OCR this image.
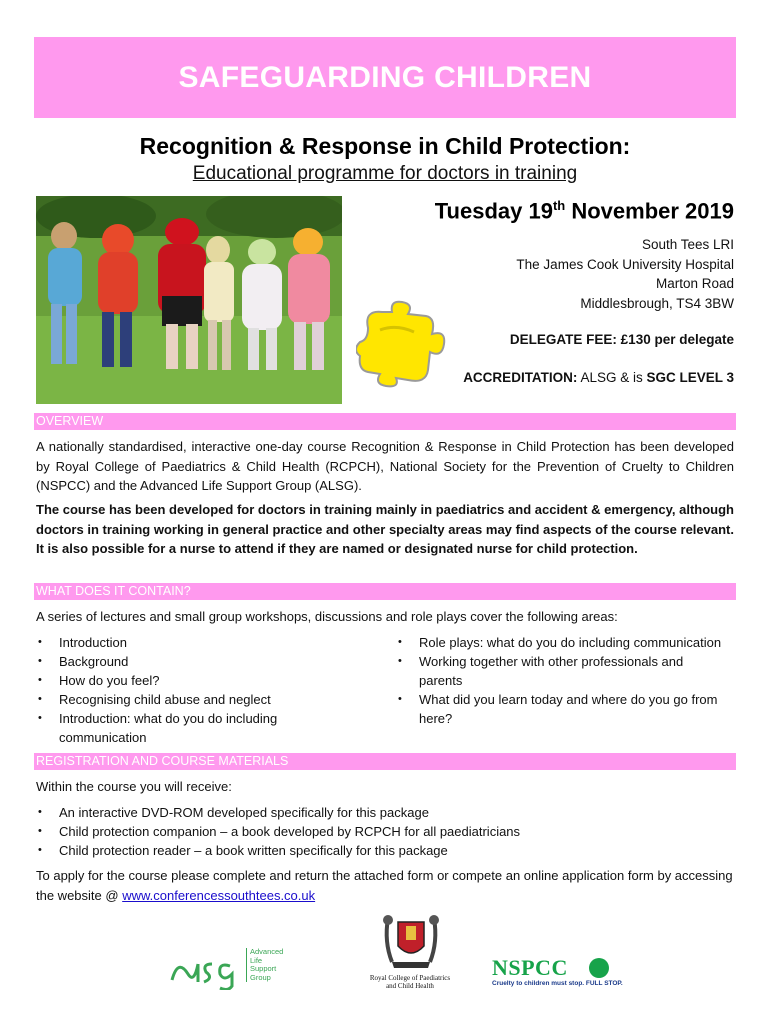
SAFEGUARDING CHILDREN
Recognition & Response in Child Protection:
Educational programme for doctors in training
Tuesday 19th November 2019
South Tees LRI
The James Cook University Hospital
Marton Road
Middlesbrough, TS4 3BW
DELEGATE FEE: £130 per delegate
ACCREDITATION: ALSG & is SGC LEVEL 3
OVERVIEW
A nationally standardised, interactive one-day course Recognition & Response in Child Protection has been developed by Royal College of Paediatrics & Child Health (RCPCH), National Society for the Prevention of Cruelty to Children (NSPCC) and the Advanced Life Support Group (ALSG).
The course has been developed for doctors in training mainly in paediatrics and accident & emergency, although doctors in training working in general practice and other specialty areas may find aspects of the course relevant. It is also possible for a nurse to attend if they are named or designated nurse for child protection.
WHAT DOES IT CONTAIN?
A series of lectures and small group workshops, discussions and role plays cover the following areas:
• Introduction
• Background
• How do you feel?
• Recognising child abuse and neglect
• Introduction: what do you do including communication
• Role plays: what do you do including communication
• Working together with other professionals and parents
• What did you learn today and where do you go from here?
REGISTRATION AND COURSE MATERIALS
Within the course you will receive:
• An interactive DVD-ROM developed specifically for this package
• Child protection companion – a book developed by RCPCH for all paediatricians
• Child protection reader – a book written specifically for this package
To apply for the course please complete and return the attached form or compete an online application form by accessing the website @ www.conferencessouthtees.co.uk
Advanced
Life
Support
Group	Royal College of Paediatrics
and Child Health
NSPCC
Cruelty to children must stop. FULL STOP.
